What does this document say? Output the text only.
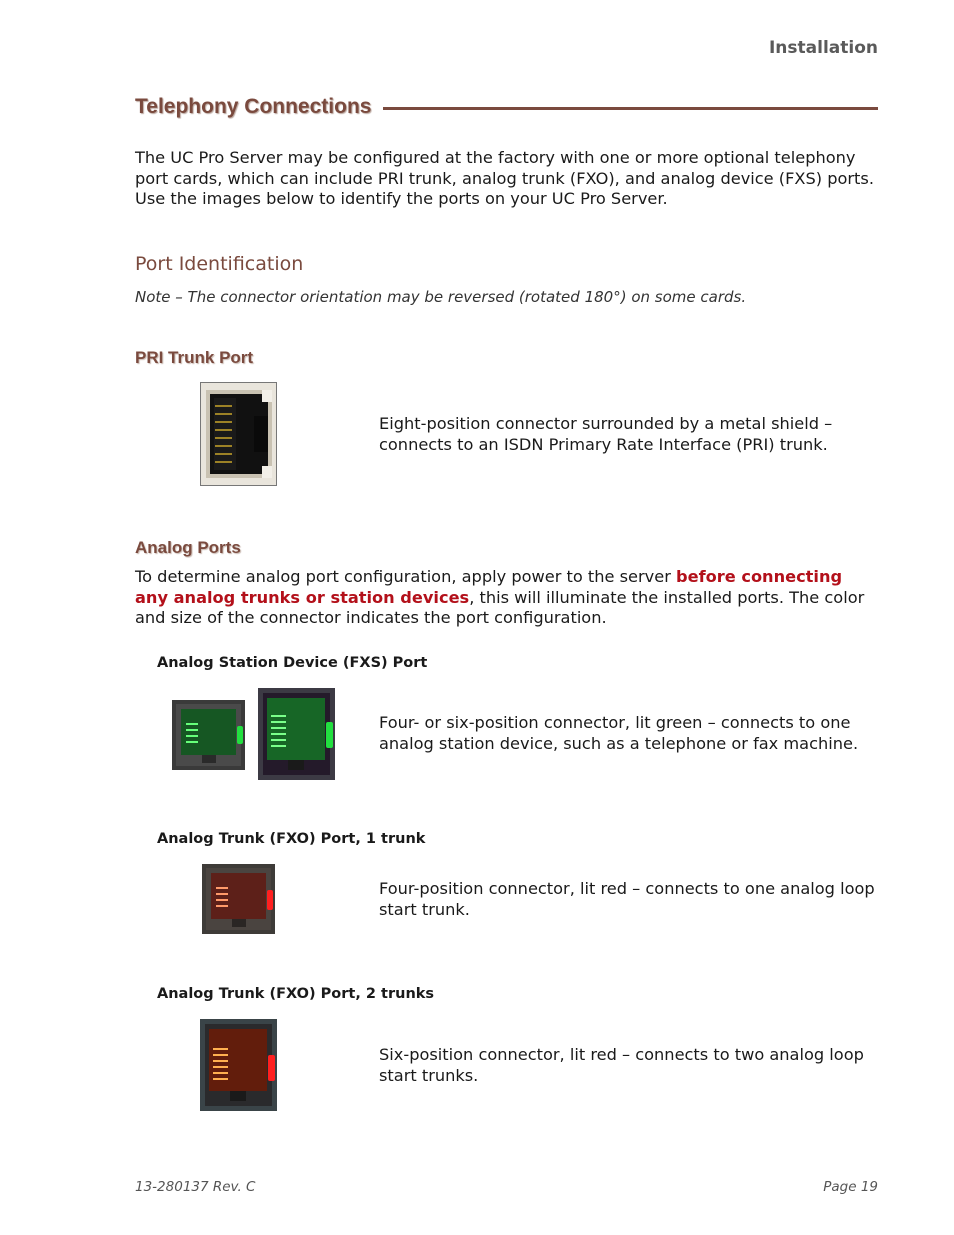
Installation
Telephony Connections
The UC Pro Server may be configured at the factory with one or more optional telephony port cards, which can include PRI trunk, analog trunk (FXO), and analog device (FXS) ports. Use the images below to identify the ports on your UC Pro Server.
Port Identification
Note – The connector orientation may be reversed (rotated 180°) on some cards.
PRI Trunk Port
Eight-position connector surrounded by a metal shield – connects to an ISDN Primary Rate Interface (PRI) trunk.
Analog Ports
To determine analog port configuration, apply power to the server before connecting any analog trunks or station devices, this will illuminate the installed ports. The color and size of the connector indicates the port configuration.
Analog Station Device (FXS) Port
Four- or six-position connector, lit green – connects to one analog station device, such as a telephone or fax machine.
Analog Trunk (FXO) Port, 1 trunk
Four-position connector, lit red – connects to one analog loop start trunk.
Analog Trunk (FXO) Port, 2 trunks
Six-position connector, lit red – connects to two analog loop start trunks.
13-280137 Rev. C	Page 19
